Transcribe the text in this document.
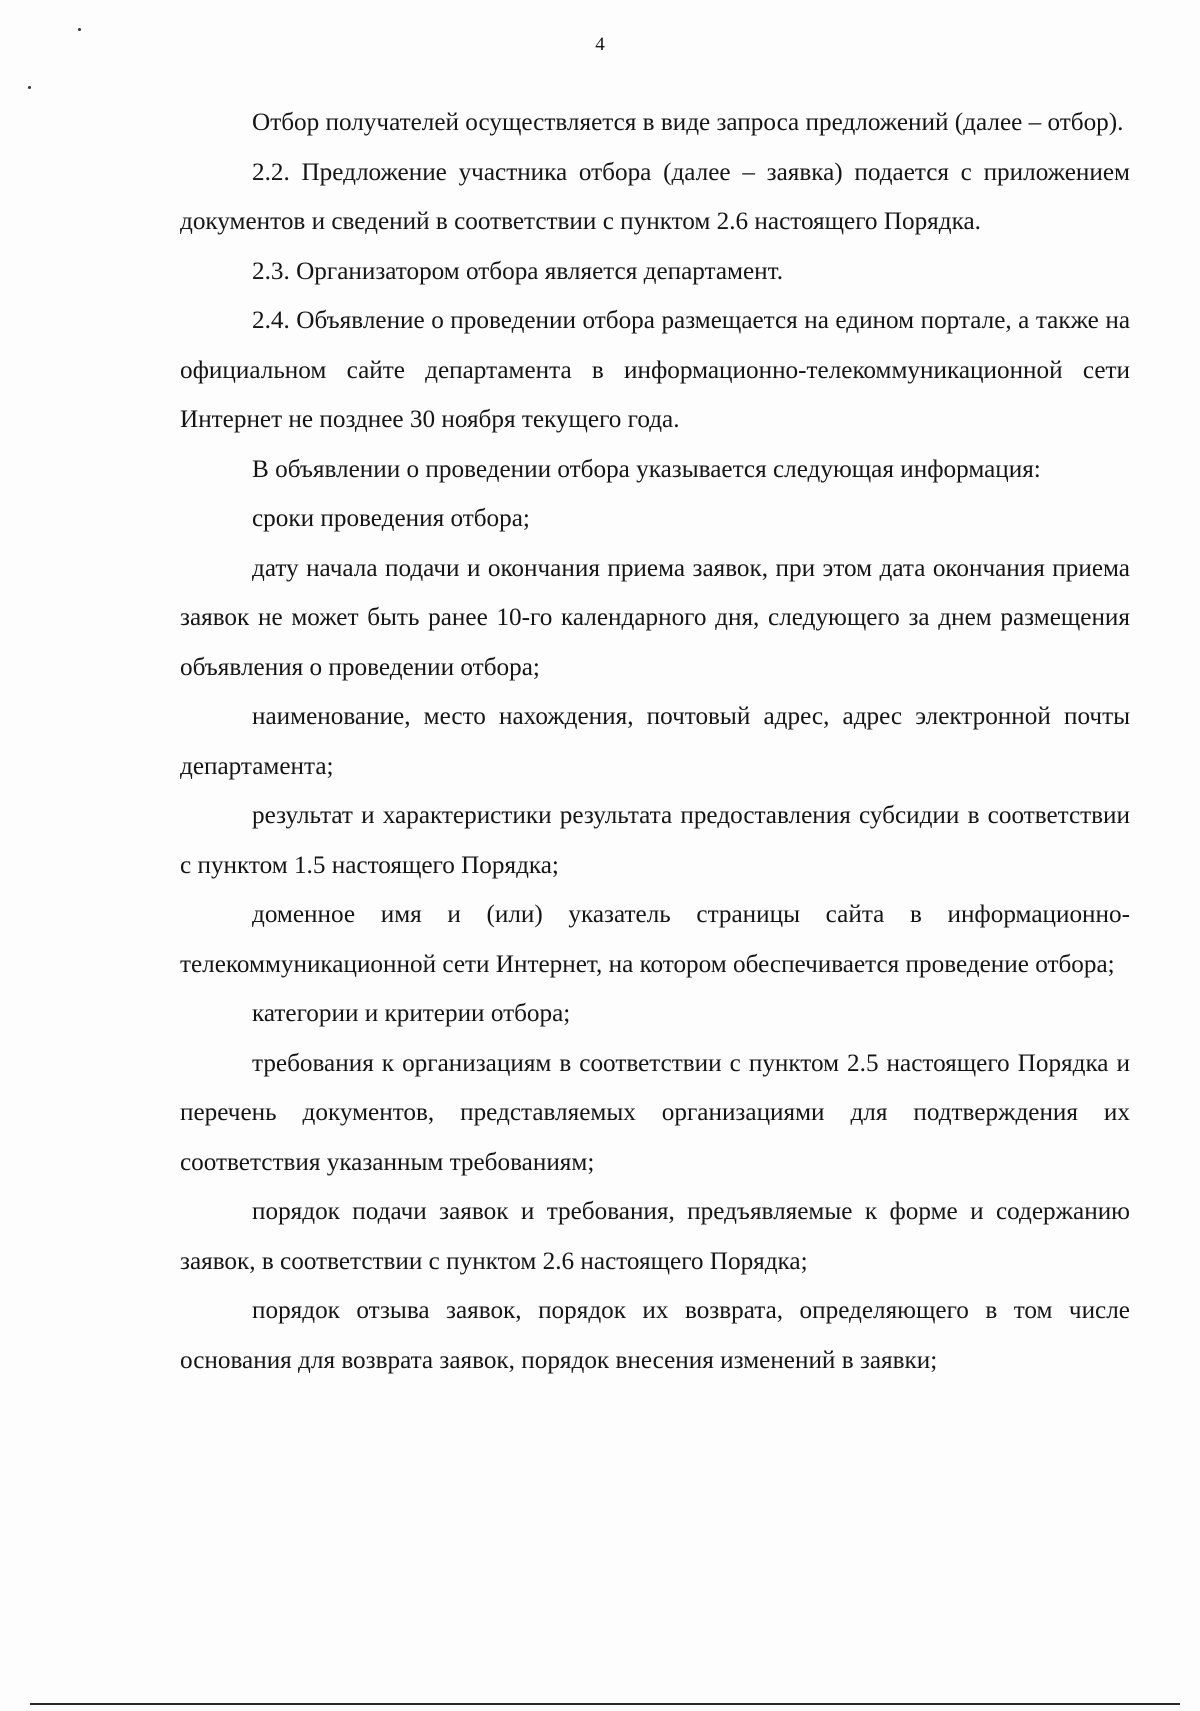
4

Отбор получателей осуществляется в виде запроса предложений (далее – отбор).

2.2. Предложение участника отбора (далее – заявка) подается с приложением документов и сведений в соответствии с пунктом 2.6 настоящего Порядка.

2.3. Организатором отбора является департамент.

2.4. Объявление о проведении отбора размещается на едином портале, а также на официальном сайте департамента в информационно-телекоммуникационной сети Интернет не позднее 30 ноября текущего года.

В объявлении о проведении отбора указывается следующая информация:

сроки проведения отбора;

дату начала подачи и окончания приема заявок, при этом дата окончания приема заявок не может быть ранее 10-го календарного дня, следующего за днем размещения объявления о проведении отбора;

наименование, место нахождения, почтовый адрес, адрес электронной почты департамента;

результат и характеристики результата предоставления субсидии в соответствии с пунктом 1.5 настоящего Порядка;

доменное имя и (или) указатель страницы сайта в информационно-телекоммуникационной сети Интернет, на котором обеспечивается проведение отбора;

категории и критерии отбора;

требования к организациям в соответствии с пунктом 2.5 настоящего Порядка и перечень документов, представляемых организациями для подтверждения их соответствия указанным требованиям;

порядок подачи заявок и требования, предъявляемые к форме и содержанию заявок, в соответствии с пунктом 2.6 настоящего Порядка;

порядок отзыва заявок, порядок их возврата, определяющего в том числе основания для возврата заявок, порядок внесения изменений в заявки;
